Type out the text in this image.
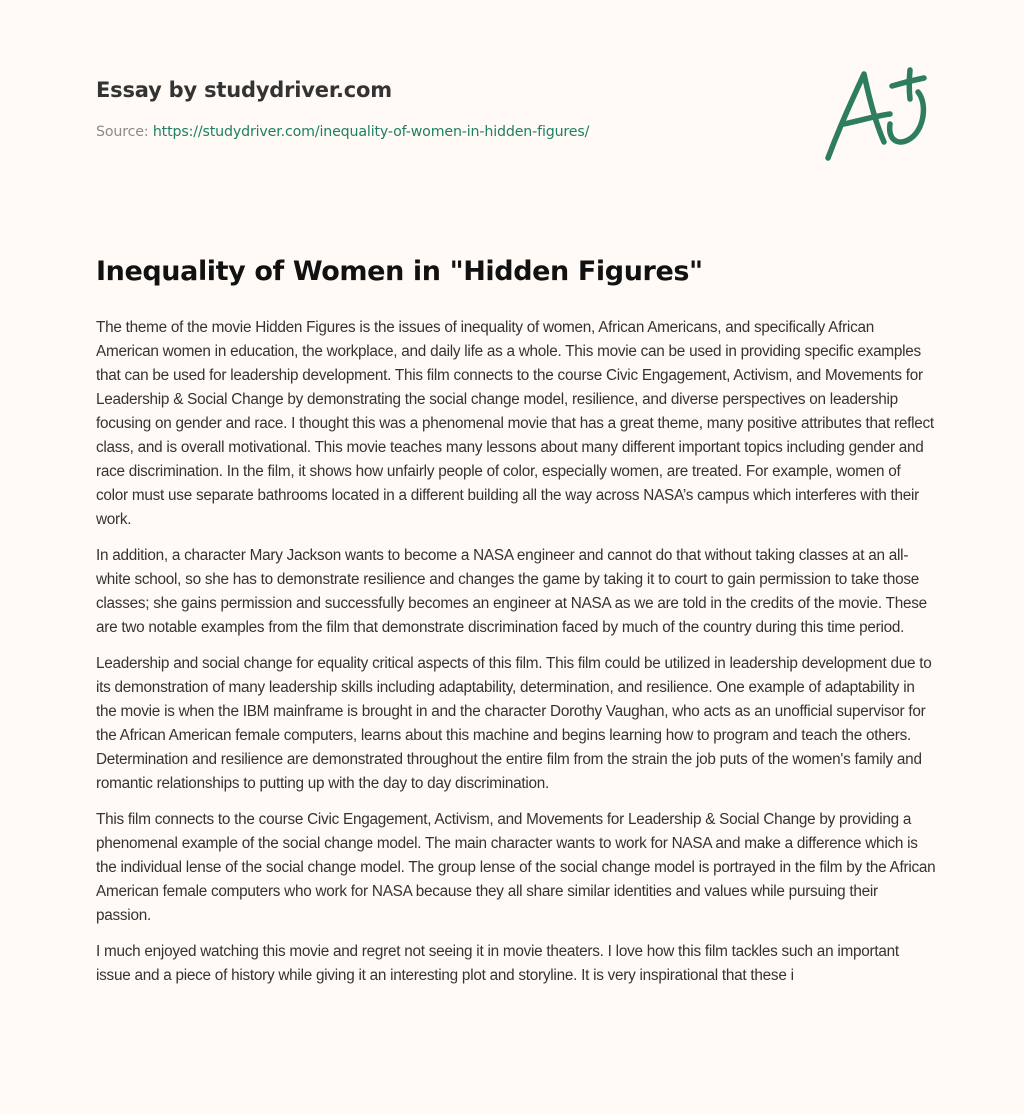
Essay by studydriver.com
Source: https://studydriver.com/inequality-of-women-in-hidden-figures/
Inequality of Women in "Hidden Figures"

The theme of the movie Hidden Figures is the issues of inequality of women, African Americans, and specifically African American women in education, the workplace, and daily life as a whole. This movie can be used in providing specific examples that can be used for leadership development. This film connects to the course Civic Engagement, Activism, and Movements for Leadership & Social Change by demonstrating the social change model, resilience, and diverse perspectives on leadership focusing on gender and race. I thought this was a phenomenal movie that has a great theme, many positive attributes that reflect class, and is overall motivational. This movie teaches many lessons about many different important topics including gender and race discrimination. In the film, it shows how unfairly people of color, especially women, are treated. For example, women of color must use separate bathrooms located in a different building all the way across NASA’s campus which interferes with their work.

In addition, a character Mary Jackson wants to become a NASA engineer and cannot do that without taking classes at an all-white school, so she has to demonstrate resilience and changes the game by taking it to court to gain permission to take those classes; she gains permission and successfully becomes an engineer at NASA as we are told in the credits of the movie. These are two notable examples from the film that demonstrate discrimination faced by much of the country during this time period.

Leadership and social change for equality critical aspects of this film. This film could be utilized in leadership development due to its demonstration of many leadership skills including adaptability, determination, and resilience. One example of adaptability in the movie is when the IBM mainframe is brought in and the character Dorothy Vaughan, who acts as an unofficial supervisor for the African American female computers, learns about this machine and begins learning how to program and teach the others. Determination and resilience are demonstrated throughout the entire film from the strain the job puts of the women's family and romantic relationships to putting up with the day to day discrimination.

This film connects to the course Civic Engagement, Activism, and Movements for Leadership & Social Change by providing a phenomenal example of the social change model. The main character wants to work for NASA and make a difference which is the individual lense of the social change model. The group lense of the social change model is portrayed in the film by the African American female computers who work for NASA because they all share similar identities and values while pursuing their passion.

I much enjoyed watching this movie and regret not seeing it in movie theaters. I love how this film tackles such an important issue and a piece of history while giving it an interesting plot and storyline. It is very inspirational that these i
